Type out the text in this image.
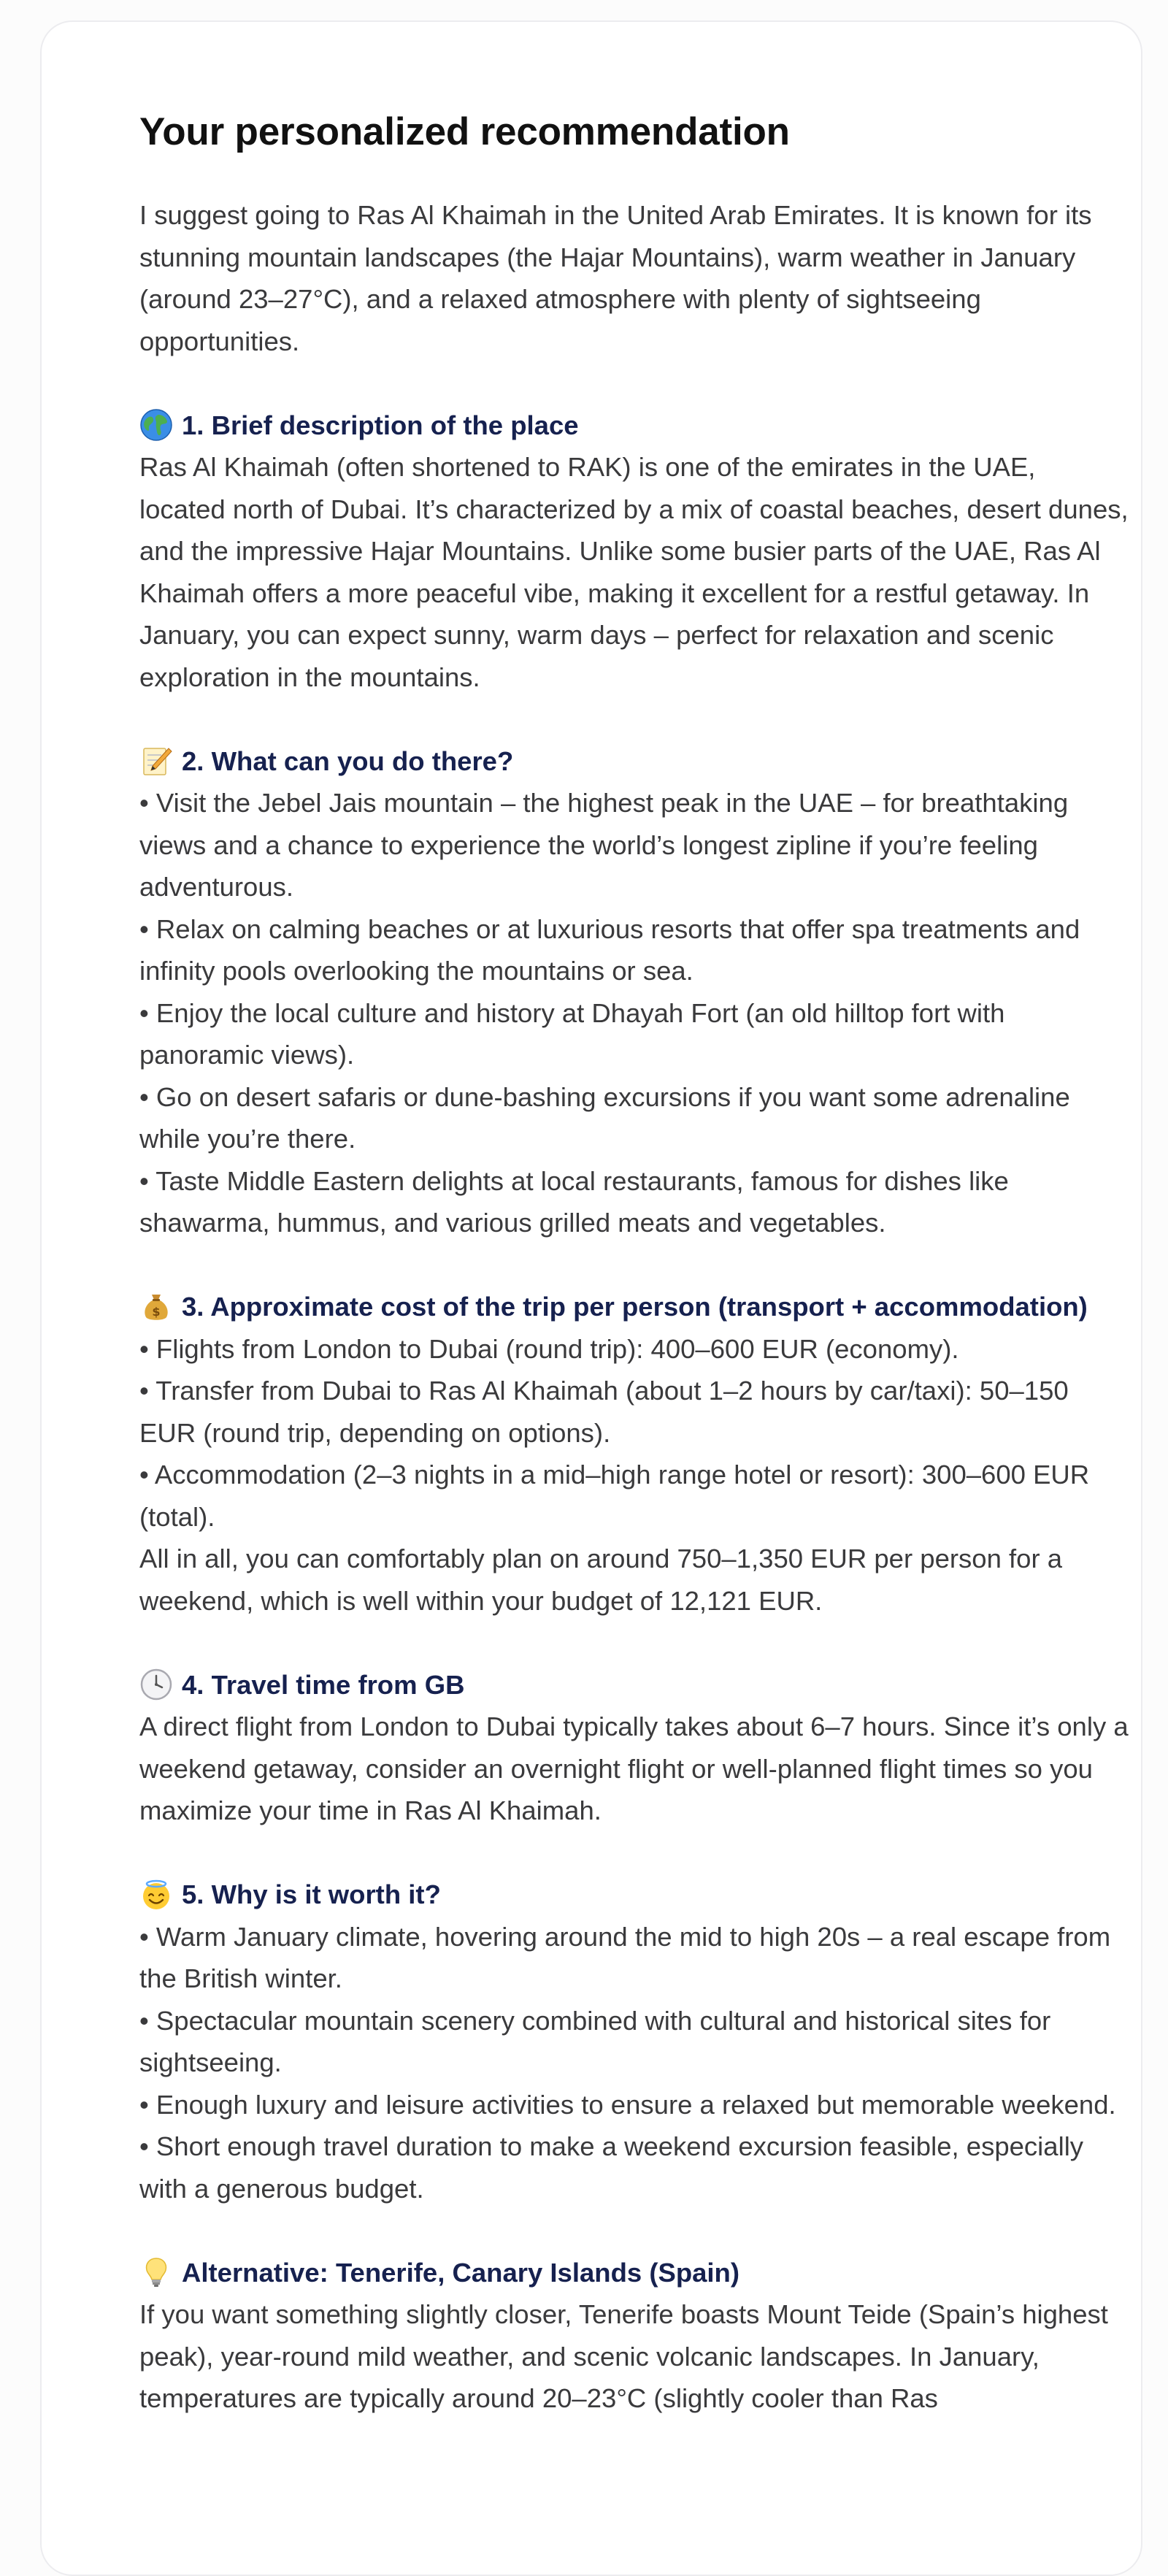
Your personalized recommendation

I suggest going to Ras Al Khaimah in the United Arab Emirates. It is known for its stunning mountain landscapes (the Hajar Mountains), warm weather in January (around 23–27°C), and a relaxed atmosphere with plenty of sightseeing opportunities.

1. Brief description of the place

Ras Al Khaimah (often shortened to RAK) is one of the emirates in the UAE, located north of Dubai. It’s characterized by a mix of coastal beaches, desert dunes, and the impressive Hajar Mountains. Unlike some busier parts of the UAE, Ras Al Khaimah offers a more peaceful vibe, making it excellent for a restful getaway. In January, you can expect sunny, warm days – perfect for relaxation and scenic exploration in the mountains.

2. What can you do there?

• Visit the Jebel Jais mountain – the highest peak in the UAE – for breathtaking views and a chance to experience the world’s longest zipline if you’re feeling adventurous.

• Relax on calming beaches or at luxurious resorts that offer spa treatments and infinity pools overlooking the mountains or sea.

• Enjoy the local culture and history at Dhayah Fort (an old hilltop fort with panoramic views).

• Go on desert safaris or dune-bashing excursions if you want some adrenaline while you’re there.

• Taste Middle Eastern delights at local restaurants, famous for dishes like shawarma, hummus, and various grilled meats and vegetables.

$ 3. Approximate cost of the trip per person (transport + accommodation)

• Flights from London to Dubai (round trip): 400–600 EUR (economy).

• Transfer from Dubai to Ras Al Khaimah (about 1–2 hours by car/taxi): 50–150 EUR (round trip, depending on options).

• Accommodation (2–3 nights in a mid–high range hotel or resort): 300–600 EUR (total).

All in all, you can comfortably plan on around 750–1,350 EUR per person for a weekend, which is well within your budget of 12,121 EUR.

4. Travel time from GB

A direct flight from London to Dubai typically takes about 6–7 hours. Since it’s only a weekend getaway, consider an overnight flight or well-planned flight times so you maximize your time in Ras Al Khaimah.

5. Why is it worth it?

• Warm January climate, hovering around the mid to high 20s – a real escape from the British winter.

• Spectacular mountain scenery combined with cultural and historical sites for sightseeing.

• Enough luxury and leisure activities to ensure a relaxed but memorable weekend.

• Short enough travel duration to make a weekend excursion feasible, especially with a generous budget.

Alternative: Tenerife, Canary Islands (Spain)

If you want something slightly closer, Tenerife boasts Mount Teide (Spain’s highest peak), year-round mild weather, and scenic volcanic landscapes. In January, temperatures are typically around 20–23°C (slightly cooler than Ras
